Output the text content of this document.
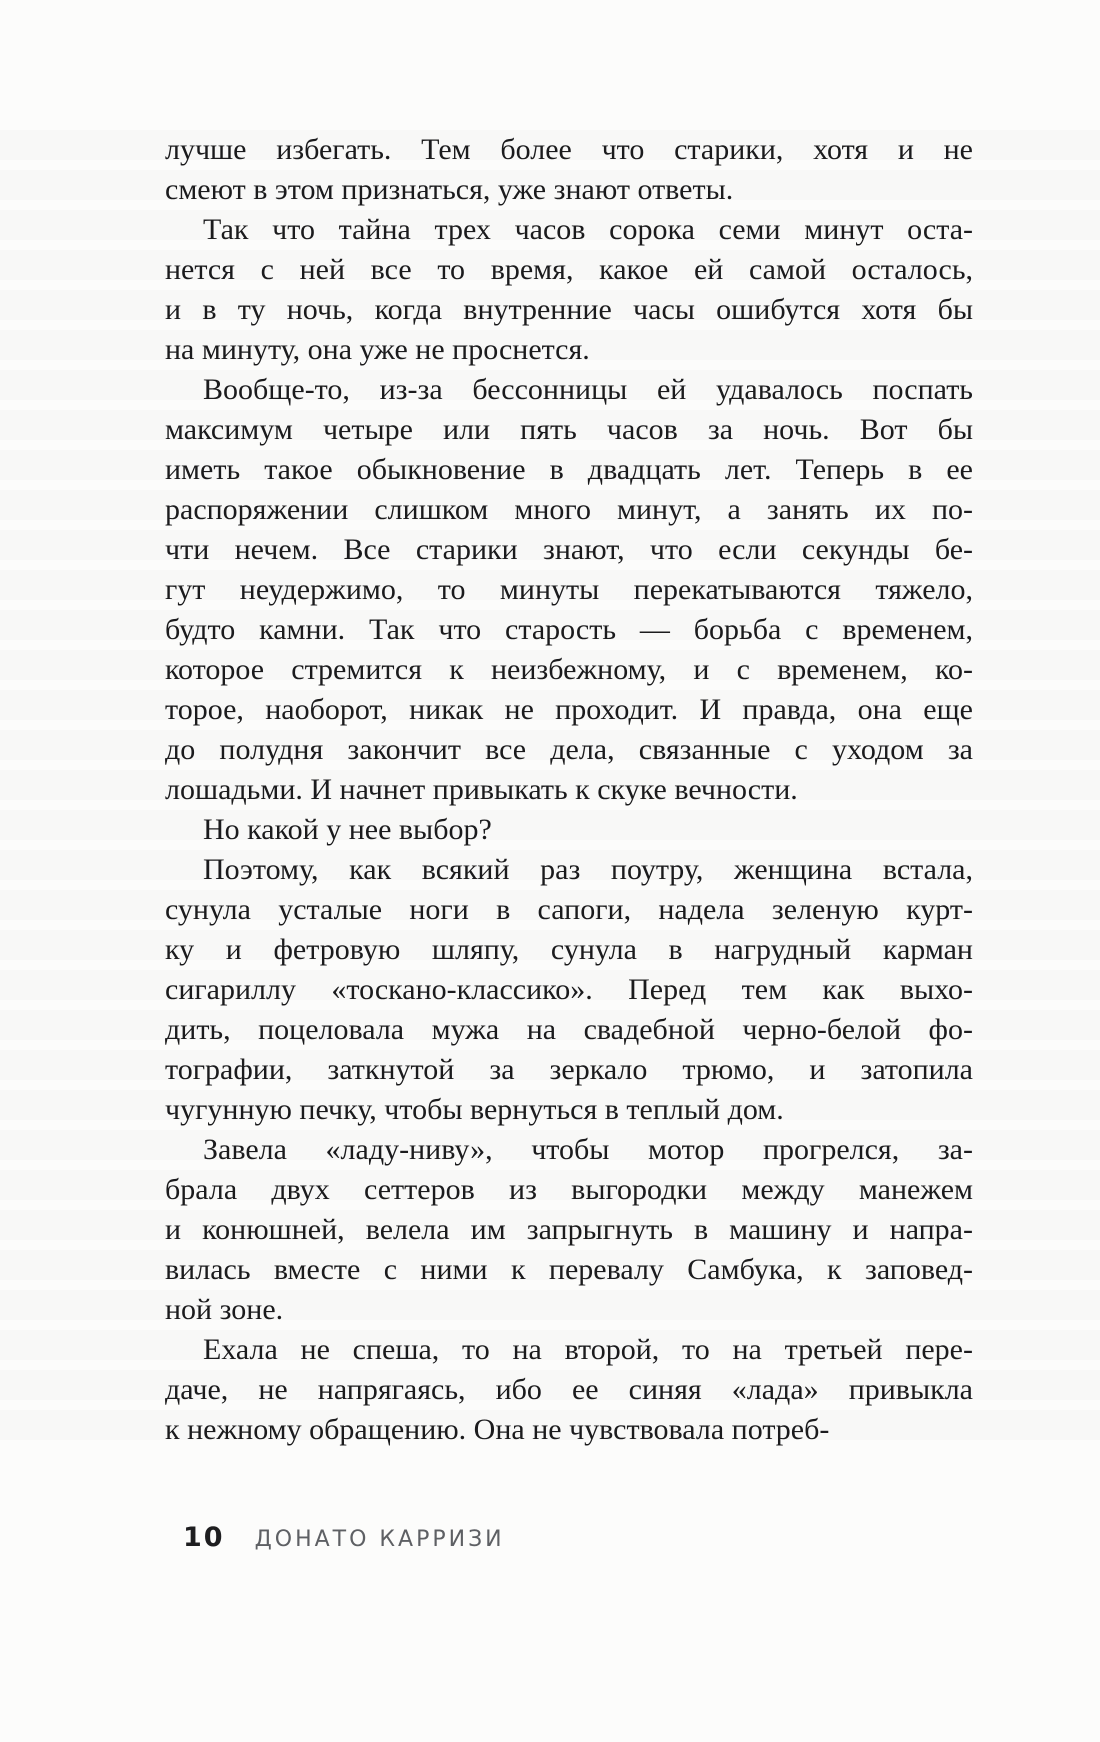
лучше избегать. Тем более что старики, хотя и не
смеют в этом признаться, уже знают ответы.
Так что тайна трех часов сорока семи минут оста-
нется с ней все то время, какое ей самой осталось,
и в ту ночь, когда внутренние часы ошибутся хотя бы
на минуту, она уже не проснется.
Вообще-то, из-за бессонницы ей удавалось поспать
максимум четыре или пять часов за ночь. Вот бы
иметь такое обыкновение в двадцать лет. Теперь в ее
распоряжении слишком много минут, а занять их по-
чти нечем. Все старики знают, что если секунды бе-
гут неудержимо, то минуты перекатываются тяжело,
будто камни. Так что старость — борьба с временем,
которое стремится к неизбежному, и с временем, ко-
торое, наоборот, никак не проходит. И правда, она еще
до полудня закончит все дела, связанные с уходом за
лошадьми. И начнет привыкать к скуке вечности.
Но какой у нее выбор?
Поэтому, как всякий раз поутру, женщина встала,
сунула усталые ноги в сапоги, надела зеленую курт-
ку и фетровую шляпу, сунула в нагрудный карман
сигариллу «тоскано-классико». Перед тем как выхо-
дить, поцеловала мужа на свадебной черно-белой фо-
тографии, заткнутой за зеркало трюмо, и затопила
чугунную печку, чтобы вернуться в теплый дом.
Завела «ладу-ниву», чтобы мотор прогрелся, за-
брала двух сеттеров из выгородки между манежем
и конюшней, велела им запрыгнуть в машину и напра-
вилась вместе с ними к перевалу Самбука, к заповед-
ной зоне.
Ехала не спеша, то на второй, то на третьей пере-
даче, не напрягаясь, ибо ее синяя «лада» привыкла
к нежному обращению. Она не чувствовала потреб-
10 ДОНАТО КАРРИЗИ
